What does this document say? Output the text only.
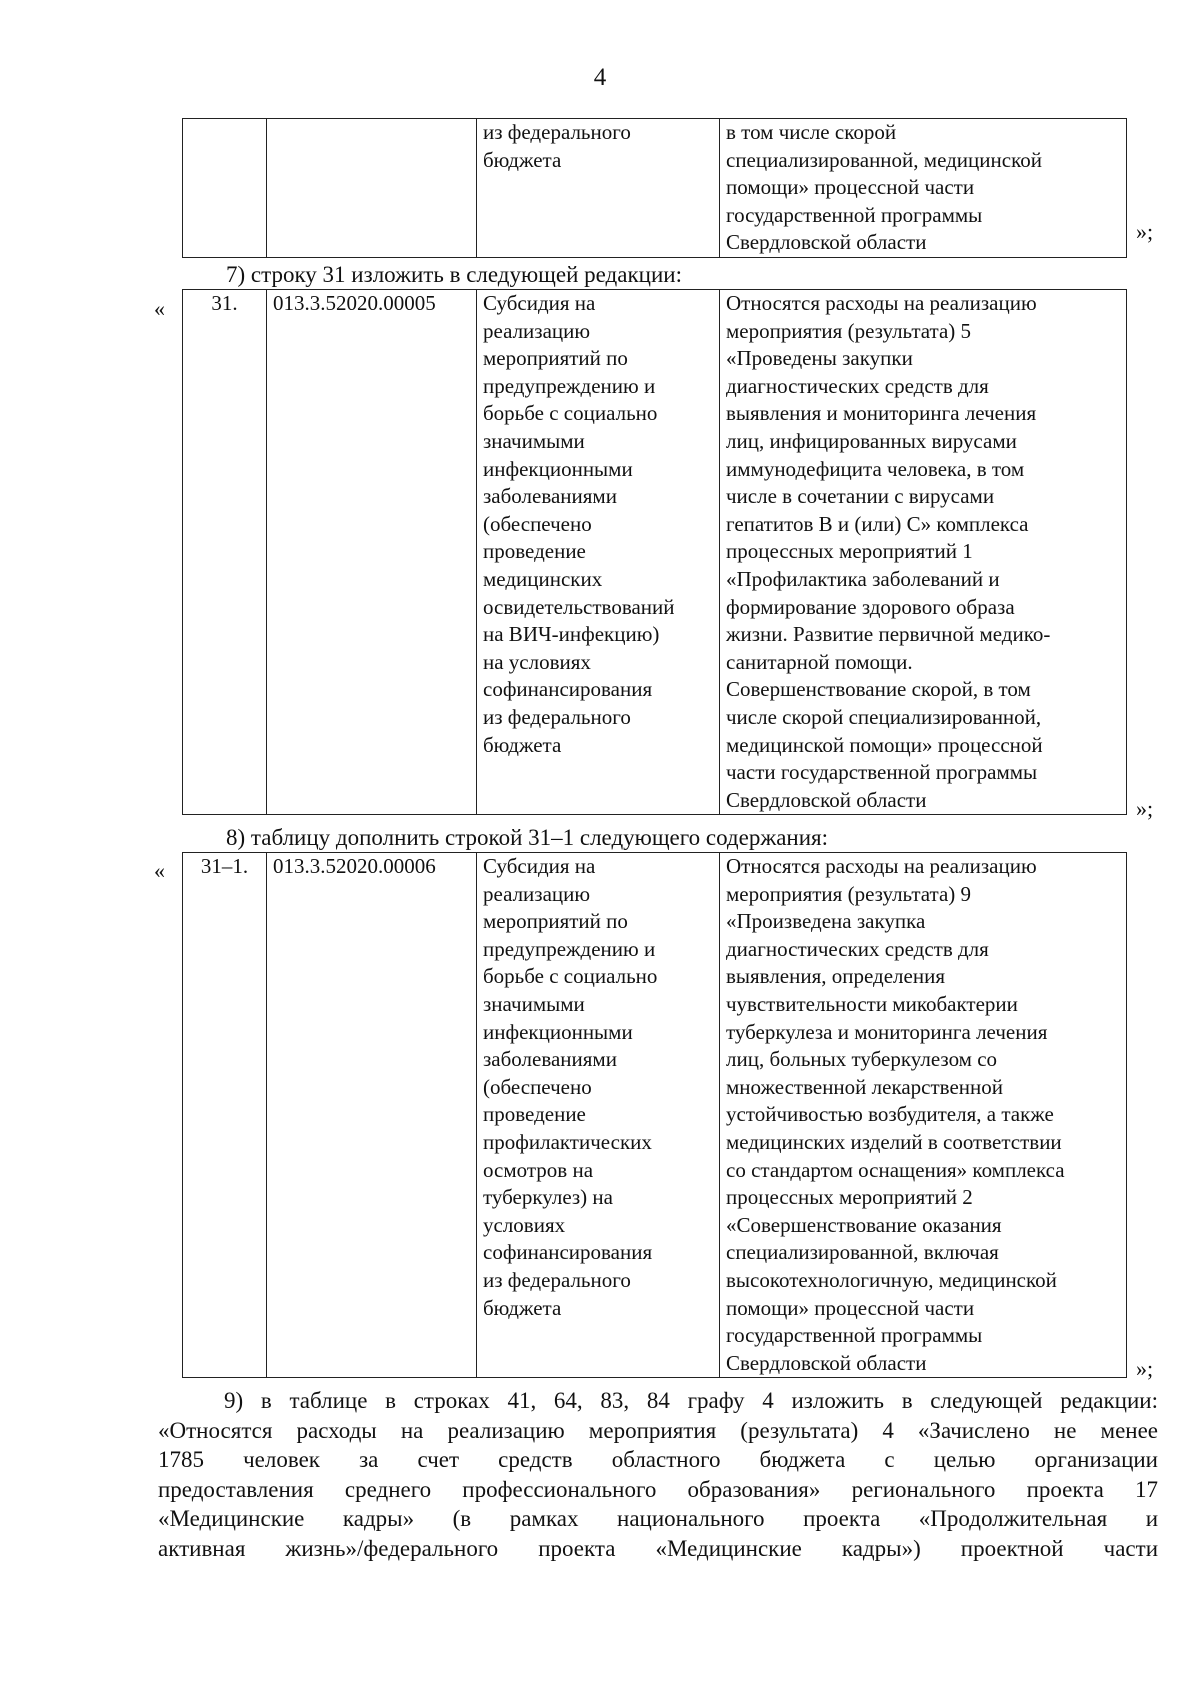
4
		из федерального
бюджета	в том числе скорой
специализированной, медицинской
помощи» процессной части
государственной программы
Свердловской области	»;
7) строку 31 изложить в следующей редакции:
« 31.	013.3.52020.00005	Субсидия на
реализацию
мероприятий по
предупреждению и
борьбе с социально
значимыми
инфекционными
заболеваниями
(обеспечено
проведение
медицинских
освидетельствований
на ВИЧ-инфекцию)
на условиях
софинансирования
из федерального
бюджета	Относятся расходы на реализацию
мероприятия (результата) 5
«Проведены закупки
диагностических средств для
выявления и мониторинга лечения
лиц, инфицированных вирусами
иммунодефицита человека, в том
числе в сочетании с вирусами
гепатитов B и (или) C» комплекса
процессных мероприятий 1
«Профилактика заболеваний и
формирование здорового образа
жизни. Развитие первичной медико-
санитарной помощи.
Совершенствование скорой, в том
числе скорой специализированной,
медицинской помощи» процессной
части государственной программы
Свердловской области	»;
8) таблицу дополнить строкой 31–1 следующего содержания:
« 31–1.	013.3.52020.00006	Субсидия на
реализацию
мероприятий по
предупреждению и
борьбе с социально
значимыми
инфекционными
заболеваниями
(обеспечено
проведение
профилактических
осмотров на
туберкулез) на
условиях
софинансирования
из федерального
бюджета	Относятся расходы на реализацию
мероприятия (результата) 9
«Произведена закупка
диагностических средств для
выявления, определения
чувствительности микобактерии
туберкулеза и мониторинга лечения
лиц, больных туберкулезом со
множественной лекарственной
устойчивостью возбудителя, а также
медицинских изделий в соответствии
со стандартом оснащения» комплекса
процессных мероприятий 2
«Совершенствование оказания
специализированной, включая
высокотехнологичную, медицинской
помощи» процессной части
государственной программы
Свердловской области	»;
9) в таблице в строках 41, 64, 83, 84 графу 4 изложить в следующей редакции:
«Относятся расходы на реализацию мероприятия (результата) 4 «Зачислено не менее
1785 человек за счет средств областного бюджета с целью организации
предоставления среднего профессионального образования» регионального проекта 17
«Медицинские кадры» (в рамках национального проекта «Продолжительная и
активная жизнь»/федерального проекта «Медицинские кадры») проектной части
